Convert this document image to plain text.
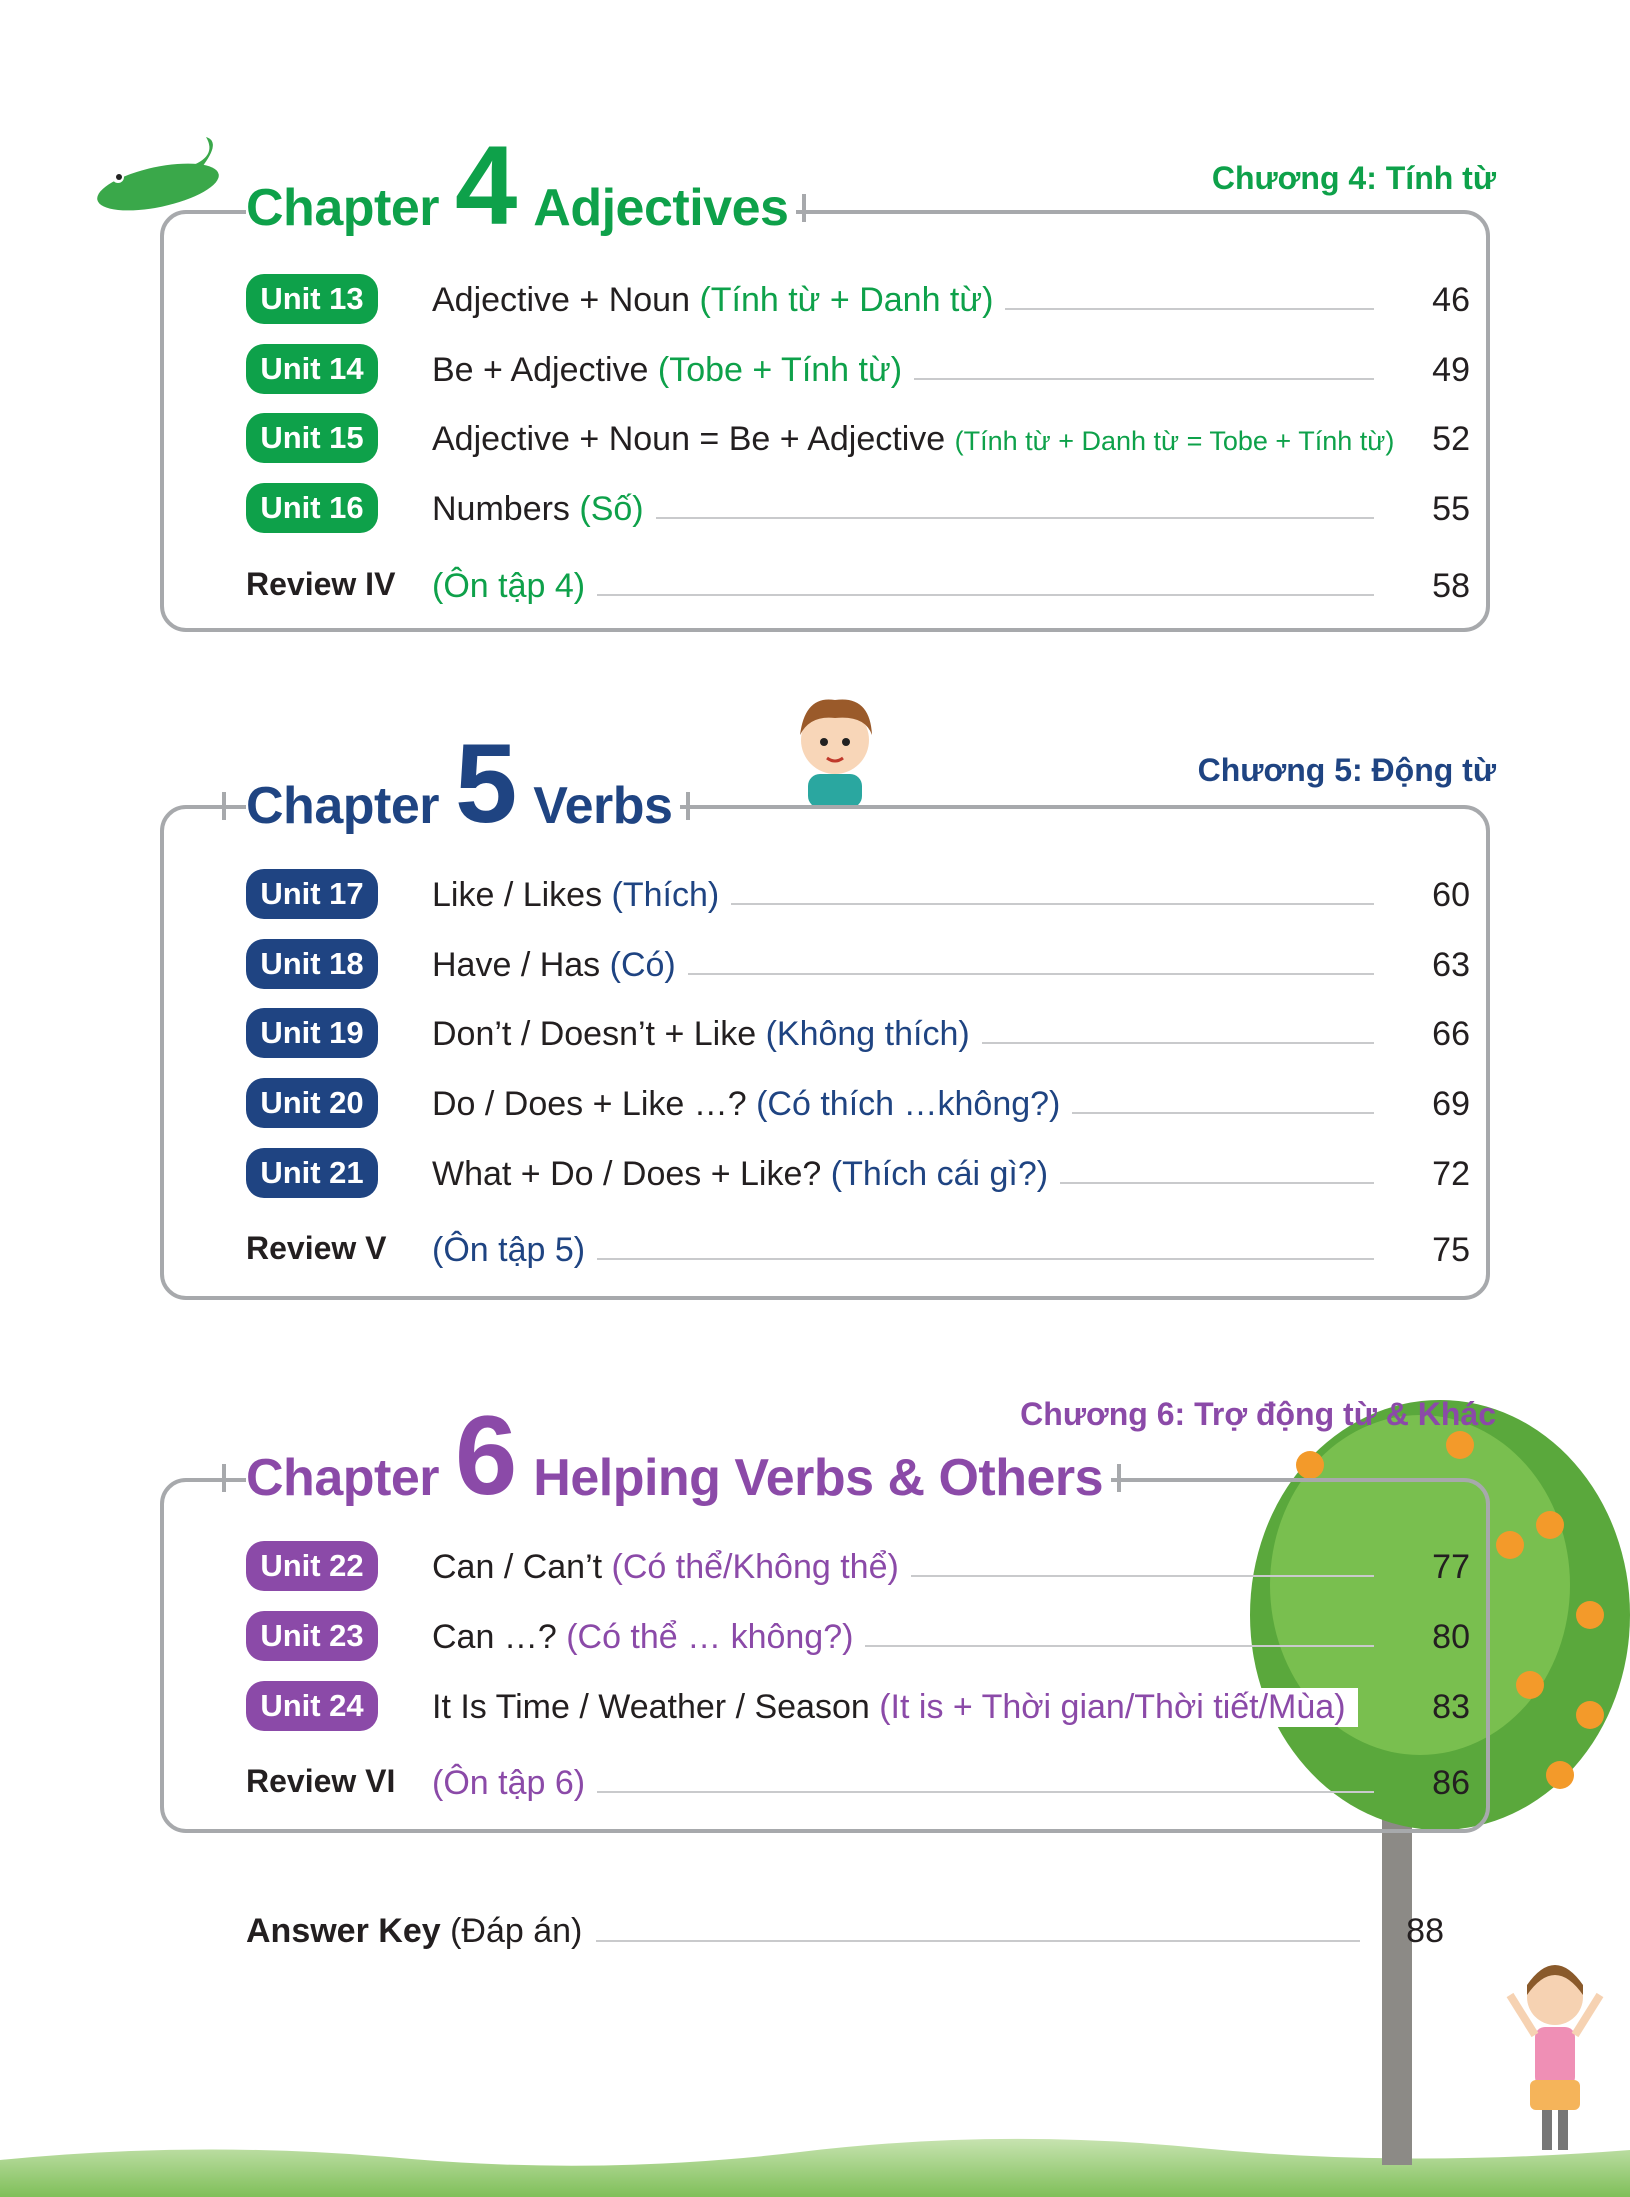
Chapter 4 Adjectives
Chương 4: Tính từ
Unit 13	Adjective + Noun (Tính từ + Danh từ)	46
Unit 14	Be + Adjective (Tobe + Tính từ)	49
Unit 15	Adjective + Noun = Be + Adjective (Tính từ + Danh từ = Tobe + Tính từ)	52
Unit 16	Numbers (Số)	55
Review IV (Ôn tập 4)	58
Chapter 5 Verbs
Chương 5: Động từ
Unit 17	Like / Likes (Thích)	60
Unit 18	Have / Has (Có)	63
Unit 19	Don’t / Doesn’t + Like (Không thích)	66
Unit 20	Do / Does + Like …? (Có thích …không?)	69
Unit 21	What + Do / Does + Like? (Thích cái gì?)	72
Review V (Ôn tập 5)	75
Chapter 6 Helping Verbs & Others
Chương 6: Trợ động từ & Khác
Unit 22	Can / Can’t (Có thể/Không thể)	77
Unit 23	Can …? (Có thể … không?)	80
Unit 24	It Is Time / Weather / Season (It is + Thời gian/Thời tiết/Mùa)	83
Review VI (Ôn tập 6)	86
Answer Key (Đáp án)	88
